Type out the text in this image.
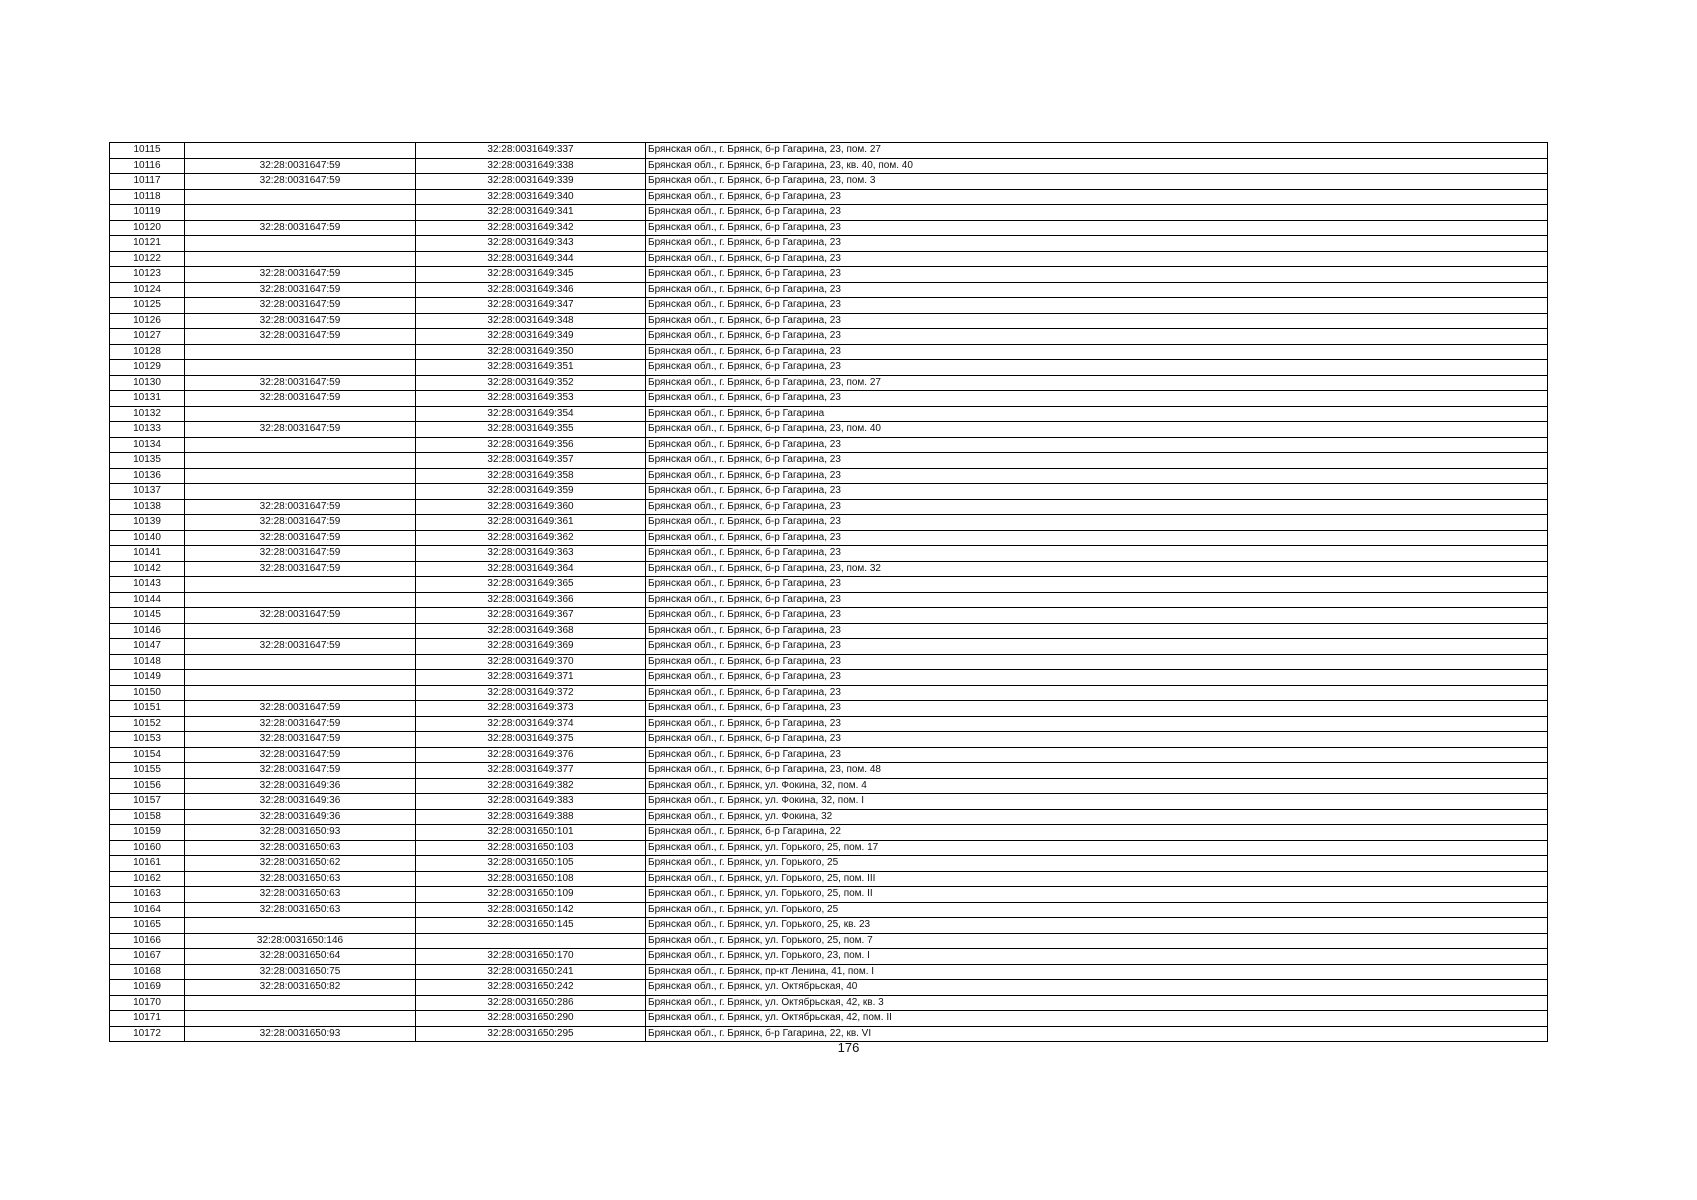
10115		32:28:0031649:337	Брянская обл., г. Брянск, б-р Гагарина, 23, пом. 27
10116	32:28:0031647:59	32:28:0031649:338	Брянская обл., г. Брянск, б-р Гагарина, 23, кв. 40, пом. 40
10117	32:28:0031647:59	32:28:0031649:339	Брянская обл., г. Брянск, б-р Гагарина, 23, пом. 3
10118		32:28:0031649:340	Брянская обл., г. Брянск, б-р Гагарина, 23
10119		32:28:0031649:341	Брянская обл., г. Брянск, б-р Гагарина, 23
10120	32:28:0031647:59	32:28:0031649:342	Брянская обл., г. Брянск, б-р Гагарина, 23
10121		32:28:0031649:343	Брянская обл., г. Брянск, б-р Гагарина, 23
10122		32:28:0031649:344	Брянская обл., г. Брянск, б-р Гагарина, 23
10123	32:28:0031647:59	32:28:0031649:345	Брянская обл., г. Брянск, б-р Гагарина, 23
10124	32:28:0031647:59	32:28:0031649:346	Брянская обл., г. Брянск, б-р Гагарина, 23
10125	32:28:0031647:59	32:28:0031649:347	Брянская обл., г. Брянск, б-р Гагарина, 23
10126	32:28:0031647:59	32:28:0031649:348	Брянская обл., г. Брянск, б-р Гагарина, 23
10127	32:28:0031647:59	32:28:0031649:349	Брянская обл., г. Брянск, б-р Гагарина, 23
10128		32:28:0031649:350	Брянская обл., г. Брянск, б-р Гагарина, 23
10129		32:28:0031649:351	Брянская обл., г. Брянск, б-р Гагарина, 23
10130	32:28:0031647:59	32:28:0031649:352	Брянская обл., г. Брянск, б-р Гагарина, 23, пом. 27
10131	32:28:0031647:59	32:28:0031649:353	Брянская обл., г. Брянск, б-р Гагарина, 23
10132		32:28:0031649:354	Брянская обл., г. Брянск, б-р Гагарина
10133	32:28:0031647:59	32:28:0031649:355	Брянская обл., г. Брянск, б-р Гагарина, 23, пом. 40
10134		32:28:0031649:356	Брянская обл., г. Брянск, б-р Гагарина, 23
10135		32:28:0031649:357	Брянская обл., г. Брянск, б-р Гагарина, 23
10136		32:28:0031649:358	Брянская обл., г. Брянск, б-р Гагарина, 23
10137		32:28:0031649:359	Брянская обл., г. Брянск, б-р Гагарина, 23
10138	32:28:0031647:59	32:28:0031649:360	Брянская обл., г. Брянск, б-р Гагарина, 23
10139	32:28:0031647:59	32:28:0031649:361	Брянская обл., г. Брянск, б-р Гагарина, 23
10140	32:28:0031647:59	32:28:0031649:362	Брянская обл., г. Брянск, б-р Гагарина, 23
10141	32:28:0031647:59	32:28:0031649:363	Брянская обл., г. Брянск, б-р Гагарина, 23
10142	32:28:0031647:59	32:28:0031649:364	Брянская обл., г. Брянск, б-р Гагарина, 23, пом. 32
10143		32:28:0031649:365	Брянская обл., г. Брянск, б-р Гагарина, 23
10144		32:28:0031649:366	Брянская обл., г. Брянск, б-р Гагарина, 23
10145	32:28:0031647:59	32:28:0031649:367	Брянская обл., г. Брянск, б-р Гагарина, 23
10146		32:28:0031649:368	Брянская обл., г. Брянск, б-р Гагарина, 23
10147	32:28:0031647:59	32:28:0031649:369	Брянская обл., г. Брянск, б-р Гагарина, 23
10148		32:28:0031649:370	Брянская обл., г. Брянск, б-р Гагарина, 23
10149		32:28:0031649:371	Брянская обл., г. Брянск, б-р Гагарина, 23
10150		32:28:0031649:372	Брянская обл., г. Брянск, б-р Гагарина, 23
10151	32:28:0031647:59	32:28:0031649:373	Брянская обл., г. Брянск, б-р Гагарина, 23
10152	32:28:0031647:59	32:28:0031649:374	Брянская обл., г. Брянск, б-р Гагарина, 23
10153	32:28:0031647:59	32:28:0031649:375	Брянская обл., г. Брянск, б-р Гагарина, 23
10154	32:28:0031647:59	32:28:0031649:376	Брянская обл., г. Брянск, б-р Гагарина, 23
10155	32:28:0031647:59	32:28:0031649:377	Брянская обл., г. Брянск, б-р Гагарина, 23, пом. 48
10156	32:28:0031649:36	32:28:0031649:382	Брянская обл., г. Брянск, ул. Фокина, 32, пом. 4
10157	32:28:0031649:36	32:28:0031649:383	Брянская обл., г. Брянск, ул. Фокина, 32, пом. I
10158	32:28:0031649:36	32:28:0031649:388	Брянская обл., г. Брянск, ул. Фокина, 32
10159	32:28:0031650:93	32:28:0031650:101	Брянская обл., г. Брянск, б-р Гагарина, 22
10160	32:28:0031650:63	32:28:0031650:103	Брянская обл., г. Брянск, ул. Горького, 25, пом. 17
10161	32:28:0031650:62	32:28:0031650:105	Брянская обл., г. Брянск, ул. Горького, 25
10162	32:28:0031650:63	32:28:0031650:108	Брянская обл., г. Брянск, ул. Горького, 25, пом. III
10163	32:28:0031650:63	32:28:0031650:109	Брянская обл., г. Брянск, ул. Горького, 25, пом. II
10164	32:28:0031650:63	32:28:0031650:142	Брянская обл., г. Брянск, ул. Горького, 25
10165		32:28:0031650:145	Брянская обл., г. Брянск, ул. Горького, 25, кв. 23
10166	32:28:0031650:146		Брянская обл., г. Брянск, ул. Горького, 25, пом. 7
10167	32:28:0031650:64	32:28:0031650:170	Брянская обл., г. Брянск, ул. Горького, 23, пом. I
10168	32:28:0031650:75	32:28:0031650:241	Брянская обл., г. Брянск, пр-кт Ленина, 41, пом. I
10169	32:28:0031650:82	32:28:0031650:242	Брянская обл., г. Брянск, ул. Октябрьская, 40
10170		32:28:0031650:286	Брянская обл., г. Брянск, ул. Октябрьская, 42, кв. 3
10171		32:28:0031650:290	Брянская обл., г. Брянск, ул. Октябрьская, 42, пом. II
10172	32:28:0031650:93	32:28:0031650:295	Брянская обл., г. Брянск, б-р Гагарина, 22, кв. VI
176
